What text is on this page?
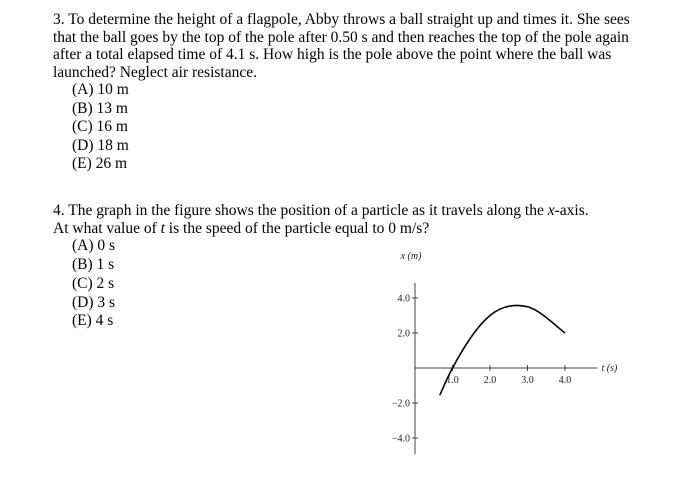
3. To determine the height of a flagpole, Abby throws a ball straight up and times it. She sees
that the ball goes by the top of the pole after 0.50 s and then reaches the top of the pole again
after a total elapsed time of 4.1 s. How high is the pole above the point where the ball was
launched? Neglect air resistance.

(A) 10 m
(B) 13 m
(C) 16 m
(D) 18 m
(E) 26 m

4. The graph in the figure shows the position of a particle as it travels along the x-axis.
At what value of t is the speed of the particle equal to 0 m/s?

(A) 0 s
(B) 1 s
(C) 2 s
(D) 3 s
(E) 4 s
4.0
2.0
−2.0
−4.0
1.0	2.0	3.0	4.0
x (m)
t (s)
